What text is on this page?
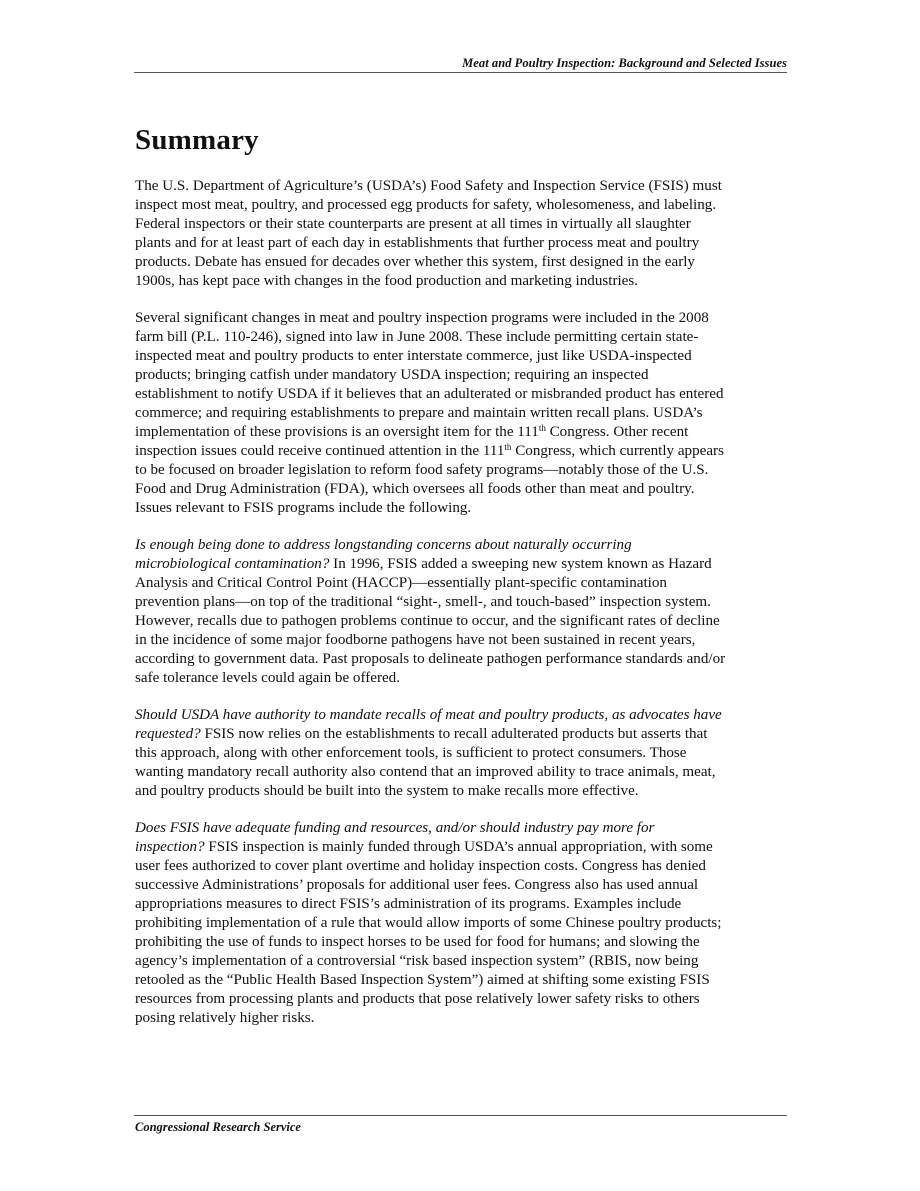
Meat and Poultry Inspection: Background and Selected Issues
Summary

The U.S. Department of Agriculture’s (USDA’s) Food Safety and Inspection Service (FSIS) must
inspect most meat, poultry, and processed egg products for safety, wholesomeness, and labeling.
Federal inspectors or their state counterparts are present at all times in virtually all slaughter
plants and for at least part of each day in establishments that further process meat and poultry
products. Debate has ensued for decades over whether this system, first designed in the early
1900s, has kept pace with changes in the food production and marketing industries.

Several significant changes in meat and poultry inspection programs were included in the 2008
farm bill (P.L. 110-246), signed into law in June 2008. These include permitting certain state-
inspected meat and poultry products to enter interstate commerce, just like USDA-inspected
products; bringing catfish under mandatory USDA inspection; requiring an inspected
establishment to notify USDA if it believes that an adulterated or misbranded product has entered
commerce; and requiring establishments to prepare and maintain written recall plans. USDA’s
implementation of these provisions is an oversight item for the 111th Congress. Other recent
inspection issues could receive continued attention in the 111th Congress, which currently appears
to be focused on broader legislation to reform food safety programs—notably those of the U.S.
Food and Drug Administration (FDA), which oversees all foods other than meat and poultry.
Issues relevant to FSIS programs include the following.

Is enough being done to address longstanding concerns about naturally occurring
microbiological contamination? In 1996, FSIS added a sweeping new system known as Hazard
Analysis and Critical Control Point (HACCP)—essentially plant-specific contamination
prevention plans—on top of the traditional “sight-, smell-, and touch-based” inspection system.
However, recalls due to pathogen problems continue to occur, and the significant rates of decline
in the incidence of some major foodborne pathogens have not been sustained in recent years,
according to government data. Past proposals to delineate pathogen performance standards and/or
safe tolerance levels could again be offered.

Should USDA have authority to mandate recalls of meat and poultry products, as advocates have
requested? FSIS now relies on the establishments to recall adulterated products but asserts that
this approach, along with other enforcement tools, is sufficient to protect consumers. Those
wanting mandatory recall authority also contend that an improved ability to trace animals, meat,
and poultry products should be built into the system to make recalls more effective.

Does FSIS have adequate funding and resources, and/or should industry pay more for
inspection? FSIS inspection is mainly funded through USDA’s annual appropriation, with some
user fees authorized to cover plant overtime and holiday inspection costs. Congress has denied
successive Administrations’ proposals for additional user fees. Congress also has used annual
appropriations measures to direct FSIS’s administration of its programs. Examples include
prohibiting implementation of a rule that would allow imports of some Chinese poultry products;
prohibiting the use of funds to inspect horses to be used for food for humans; and slowing the
agency’s implementation of a controversial “risk based inspection system” (RBIS, now being
retooled as the “Public Health Based Inspection System”) aimed at shifting some existing FSIS
resources from processing plants and products that pose relatively lower safety risks to others
posing relatively higher risks.

Congressional Research Service
